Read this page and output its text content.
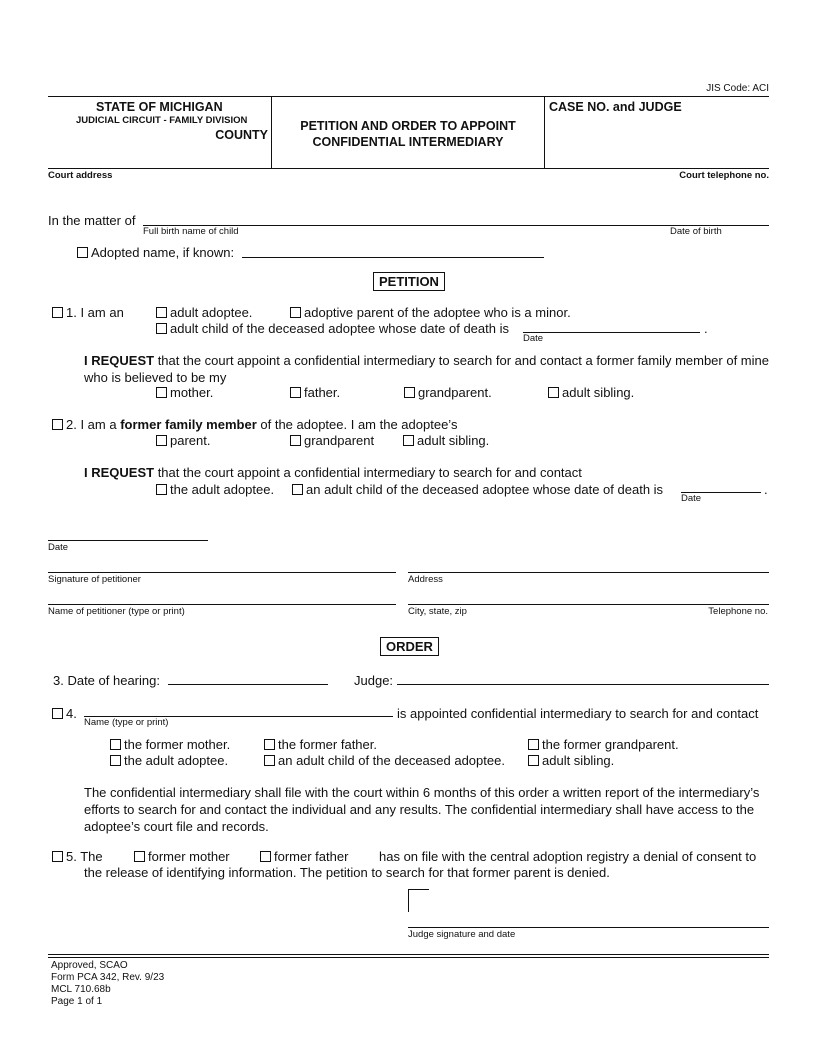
JIS Code: ACI
STATE OF MICHIGAN
JUDICIAL CIRCUIT - FAMILY DIVISION
COUNTY
PETITION AND ORDER TO APPOINT
CONFIDENTIAL INTERMEDIARY
CASE NO. and JUDGE
Court address	Court telephone no.
In the matter of
Full birth name of child	Date of birth
Adopted name, if known:
PETITION
1. I am an	adult adoptee.	adoptive parent of the adoptee who is a minor.
adult child of the deceased adoptee whose date of death is	.
Date
I REQUEST that the court appoint a confidential intermediary to search for and contact a former family member of mine who is believed to be my
mother.	father.	grandparent.	adult sibling.
2. I am a former family member of the adoptee. I am the adoptee’s
parent.	grandparent	adult sibling.
I REQUEST that the court appoint a confidential intermediary to search for and contact
the adult adoptee.	an adult child of the deceased adoptee whose date of death is	.
Date
Date
Signature of petitioner	Address
Name of petitioner (type or print)	City, state, zip	Telephone no.
ORDER
3. Date of hearing:	Judge:
4.
Name (type or print)
is appointed confidential intermediary to search for and contact
the former mother.	the former father.	the former grandparent.
the adult adoptee.	an adult child of the deceased adoptee.	adult sibling.
The confidential intermediary shall file with the court within 6 months of this order a written report of the intermediary’s efforts to search for and contact the individual and any results. The confidential intermediary shall have access to the adoptee’s court file and records.
5. The	former mother	former father has on file with the central adoption registry a denial of consent to
the release of identifying information. The petition to search for that former parent is denied.
Judge signature and date
Approved, SCAO
Form PCA 342, Rev. 9/23
MCL 710.68b
Page 1 of 1
